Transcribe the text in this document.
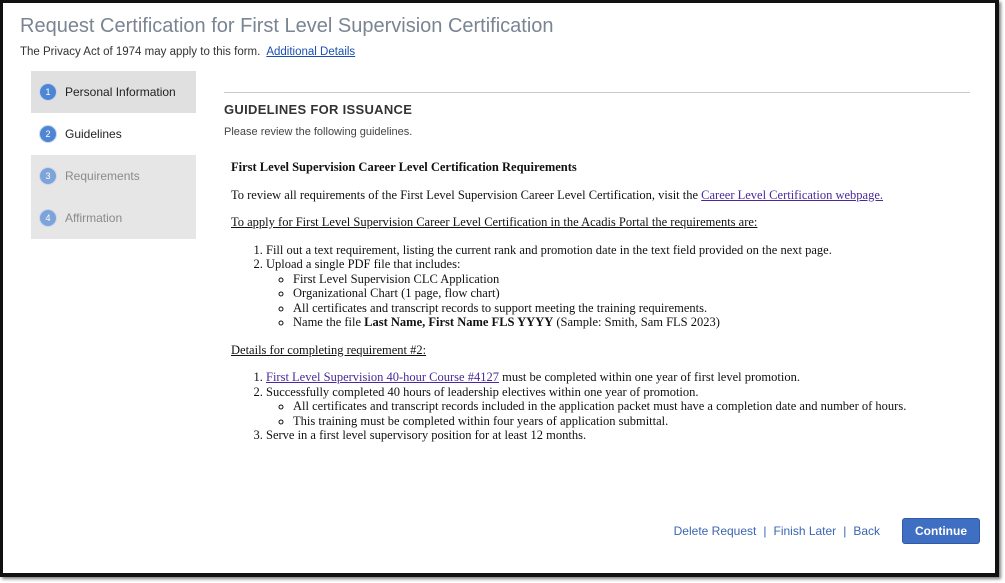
Request Certification for First Level Supervision Certification
The Privacy Act of 1974 may apply to this form. Additional Details
1	Personal Information
2	Guidelines
3	Requirements
4	Affirmation
GUIDELINES FOR ISSUANCE
Please review the following guidelines.
First Level Supervision Career Level Certification Requirements

To review all requirements of the First Level Supervision Career Level Certification, visit the Career Level Certification webpage.

To apply for First Level Supervision Career Level Certification in the Acadis Portal the requirements are:

1. Fill out a text requirement, listing the current rank and promotion date in the text field provided on the next page.
2. Upload a single PDF file that includes:
◦ First Level Supervision CLC Application
◦ Organizational Chart (1 page, flow chart)
◦ All certificates and transcript records to support meeting the training requirements.
◦ Name the file Last Name, First Name FLS YYYY (Sample: Smith, Sam FLS 2023)

Details for completing requirement #2:

1. First Level Supervision 40-hour Course #4127 must be completed within one year of first level promotion.
2. Successfully completed 40 hours of leadership electives within one year of promotion.
◦ All certificates and transcript records included in the application packet must have a completion date and number of hours.
◦ This training must be completed within four years of application submittal.
3. Serve in a first level supervisory position for at least 12 months.
Delete Request | Finish Later | Back	Continue
